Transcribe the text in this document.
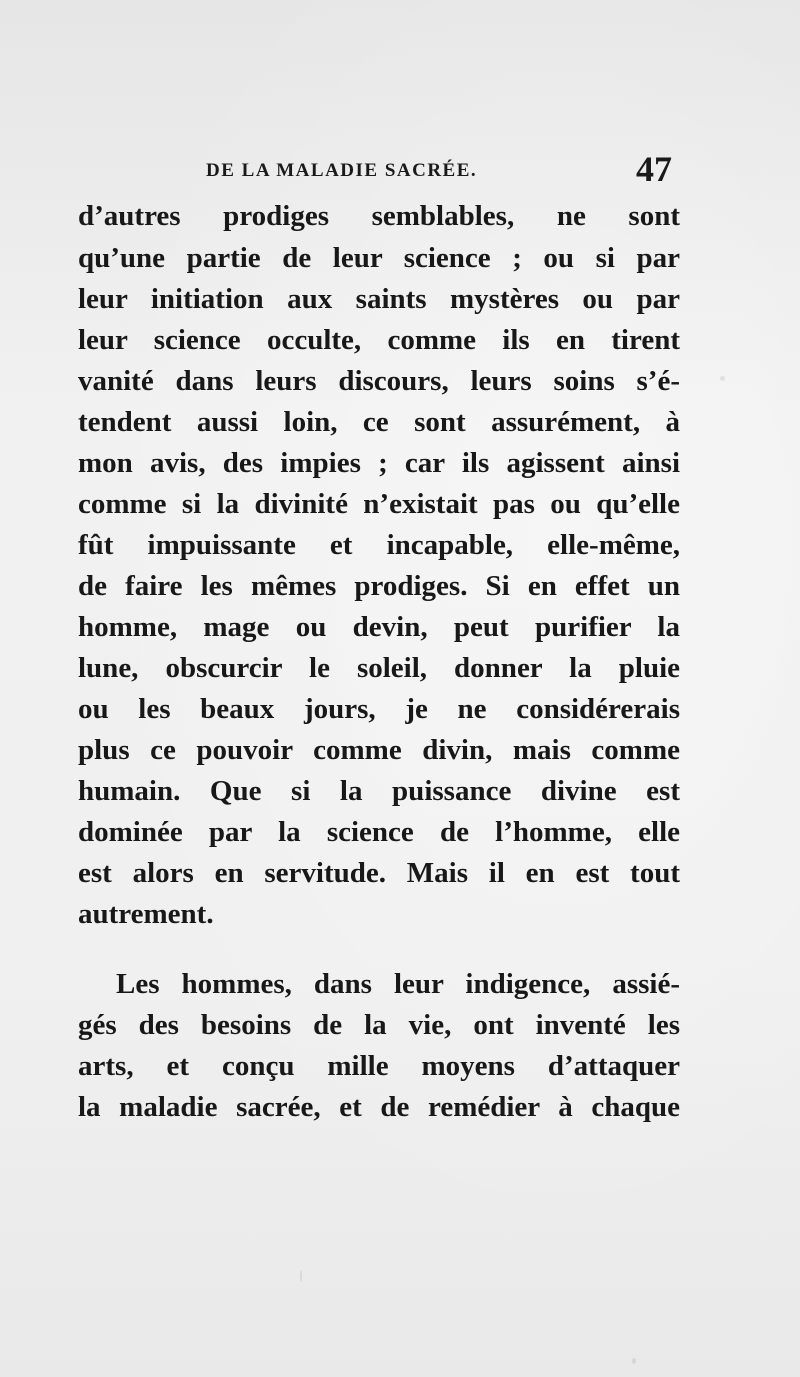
DE LA MALADIE SACRÉE.	47
d’autres prodiges semblables, ne sont
qu’une partie de leur science ; ou si par
leur initiation aux saints mystères ou par
leur science occulte, comme ils en tirent
vanité dans leurs discours, leurs soins s’é-
tendent aussi loin, ce sont assurément, à
mon avis, des impies ; car ils agissent ainsi
comme si la divinité n’existait pas ou qu’elle
fût impuissante et incapable, elle-même,
de faire les mêmes prodiges. Si en effet un
homme, mage ou devin, peut purifier la
lune, obscurcir le soleil, donner la pluie
ou les beaux jours, je ne considérerais
plus ce pouvoir comme divin, mais comme
humain. Que si la puissance divine est
dominée par la science de l’homme, elle
est alors en servitude. Mais il en est tout
autrement.
Les hommes, dans leur indigence, assié-
gés des besoins de la vie, ont inventé les
arts, et conçu mille moyens d’attaquer
la maladie sacrée, et de remédier à chaque
